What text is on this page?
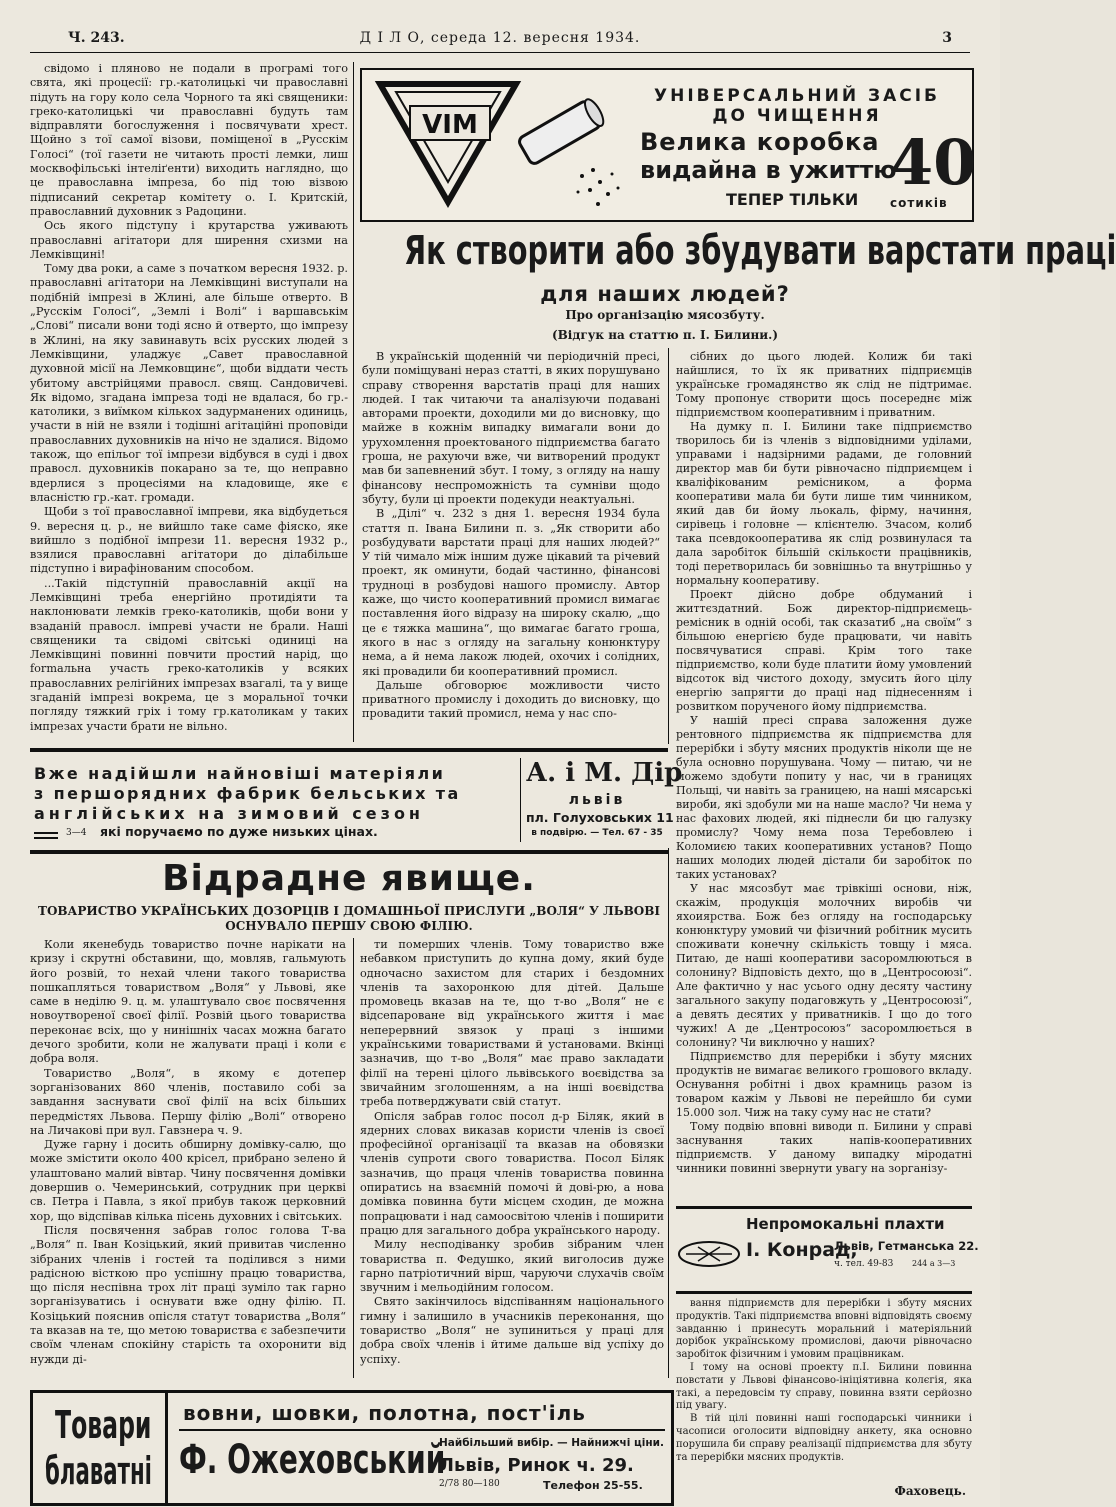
Ч. 243.	Д І Л О, середа 12. вересня 1934.	3

свідомо і пляново не подали в програмі того свята, які процесії: гр.-католицькі чи православні підуть на гору коло села Чорного та які священики: греко-католицькі чи православні будуть там відправляти богослуження і посвячувати хрест. Щойно з тої самої візови, поміщеної в „Русскім Голосі“ (тої газети не читають прості лемки, лиш москвофільські інтеліґенти) виходить наглядно, що це православна імпреза, бо під тою візвою підписаний секретар комітету о. І. Критскій, православний духовник з Радоцини.

Ось якого підступу і крутарства уживають православні агітатори для ширення схизми на Лемківщині!

Тому два роки, а саме з початком вересня 1932. р. православні агітатори на Лемківщині виступали на подібній імпрезі в Жлині, але більше отверто. В „Русскім Голосі“, „Землі і Волі“ і варшавськім „Слові“ писали вони тоді ясно й отверто, що імпрезу в Жлині, на яку завинавуть всіх русских людей з Лемківщини, уладжує „Савет православной духовной місії на Лемковщинє“, щоби віддати честь убитому австрійцями правосл. свящ. Сандовичеві. Як відомо, згадана імпреза тоді не вдалася, бо гр.-католики, з виїмком кількох задурманених одиниць, участи в ній не взяли і тодішні агітаційні проповіди православних духовників на нічо не здалися. Відомо також, що епільог тої імпрези відбувся в суді і двох правосл. духовників покарано за те, що неправно вдерлися з процесіями на кладовище, яке є власністю гр.-кат. громади.

Щоби з тої православної імпреви, яка відбудеться 9. вересня ц. р., не вийшло таке саме фіяско, яке вийшло з подібної імпрези 11. вересня 1932 р., взялися православні агітатори до ділабільше підступно і вирафінованим способом.

...Такій підступній православній акції на Лемківщині треба енергійно протидіяти та наклонювати лемків греко-католиків, щоби вони у взаданій правосл. імпреві участи не брали. Наші священики та свідомі світські одиниці на Лемківщині повинні повчити простий нарід, що formaльна участь греко-католиків у всяких православних релігійних імпрезах взагалі, та у вище згаданій імпрезі вокрема, це з моральної точки погляду тяжкий гріх і тому гр.католикам у таких імпрезах участи брати не вільно.

VIM
УНІВЕРСАЛЬНИЙ ЗАСІБ
ДО ЧИЩЕННЯ
Велика коробка
видайна в ужиттю
ТЕПЕР ТІЛЬКИ
40
сотиків
Як створити або збудувати варстати праці
для наших людей?
Про організацію мясозбуту.
(Відгук на статтю п. І. Билини.)

В українській щоденній чи періодичній пресі, були поміщувані нераз статті, в яких порушувано справу створення варстатів праці для наших людей. І так читаючи та аналізуючи подавані авторами проекти, доходили ми до висновку, що майже в кожнім випадку вимагали вони до урухомлення проектованого підприємства багато гроша, не рахуючи вже, чи витворений продукт мав би запевнений збут. І тому, з огляду на нашу фінансову неспроможність та сумніви щодо збуту, були ці проекти подекуди неактуальні.

В „Ділі“ ч. 232 з дня 1. вересня 1934 була стаття п. Івана Билини п. з. „Як створити або розбудувати варстати праці для наших людей?“ У тій чимало між іншим дуже цікавий та річевий проект, як оминути, бодай частинно, фінансові трудноці в розбудові нашого промислу. Автор каже, що чисто кооперативний промисл вимагає поставлення його відразу на широку скалю, „що це є тяжка машина“, що вимагає багато гроша, якого в нас з огляду на загальну конюнктуру нема, а й нема лакож людей, охочих і солідних, які провадили би кооперативний промисл.

Дальше обговорює можливости чисто приватного промислу і доходить до висновку, що провадити такий промисл, нема у нас спо-

сібних до цього людей. Колиж би такі найшлися, то їх як приватних підприємців українське громадянство як слід не підтримає. Тому пропонує створити щось посереднє між підприємством кооперативним і приватним.

На думку п. І. Билини таке підприємство творилось би із членів з відповідними уділами, управами і надзірними радами, де головний директор мав би бути рівночасно підприємцем і кваліфікованим ремісником, а форма кооперативи мала би бути лише тим чинником, який дав би йому льокаль, фірму, начиння, сирівець і головне — клієнтелю. Зчасом, колиб така псевдокооператива як слід розвинулася та дала заробіток більшій скількости працівників, тоді перетворилась би зовнішньо та внутрішньо у нормальну кооперативу.

Проект дійсно добре обдуманий і життєздатний. Бож директор-підприємець-ремісник в одній особі, так сказатиб „на своїм“ з більшою енергією буде працювати, чи навіть посвячуватися справі. Крім того таке підприємство, коли буде платити йому умовлений відсоток від чистого доходу, змусить його цілу енергію запрягти до праці над піднесенням і розвитком порученого йому підприємства.

У нашій пресі справа заложення дуже рентовного підприємства як підприємства для перерібки і збуту мясних продуктів ніколи ще не була основно порушувана. Чому — питаю, чи не можемо здобути попиту у нас, чи в границях Польщі, чи навіть за границею, на наші мясарські вироби, які здобули ми на наше масло? Чи нема у нас фахових людей, які піднесли би цю галузку промислу? Чому нема поза Теребовлею і Коломиєю таких кооперативних установ? Пощо наших молодих людей дістали би заробіток по таких установах?

У нас мясозбут має трівкіші основи, ніж, скажім, продукція молочних виробів чи яхоиярства. Бож без огляду на господарську конюнктуру умовий чи фізичний робітник мусить споживати конечну скількість товщу і мяса. Питаю, де наші кооперативи засоромлюються в солонину? Відповість дехто, що в „Центросоюзі“. Але фактично у нас усього одну десяту частину загального закупу подаговжуть у „Центросоюзі“, а девять десятих у приватників. І що до того чужих! А де „Центросоюз“ засоромлюється в солонину? Чи виключно у наших?

Підприємство для перерібки і збуту мясних продуктів не вимагає великого грошового вкладу. Оснування робітні і двох крамниць разом із товаром кажім у Львові не перейшло би суми 15.000 зол. Чиж на таку суму нас не стати?

Тому подвію вповні виводи п. Билини у справі заснування таких напів-кооперативних підприємств. У даному випадку міродатні чинники повинні звернути увагу на зорганізу-

Вже надійшли найновіші матеріяли
з першорядних фабрик бельських та
англійських на зимовий сезон
3—4 які поручаємо по дуже низьких цінах.
А. і М. Дір
львів
пл. Голуховських 11
в подвірю. — Тел. 67 - 35
Відрадне явище.
ТОВАРИСТВО УКРАЇНСЬКИХ ДОЗОРЦІВ І ДОМАШНЬОЇ ПРИСЛУГИ „ВОЛЯ“ У ЛЬВОВІ ОСНУВАЛО ПЕРШУ СВОЮ ФІЛІЮ.

Коли якенебудь товариство почне нарікати на кризу і скрутні обставини, що, мовляв, гальмують його розвій, то нехай члени такого товариства пошкапляться товариством „Воля“ у Львові, яке саме в неділю 9. ц. м. улаштувало своє посвячення новоутвореної своєї філії. Розвій цього товариства переконає всіх, що у нинішніх часах можна багато дечого зробити, коли не жалувати праці і коли є добра воля.

Товариство „Воля“, в якому є дотепер зорганізованих 860 членів, поставило собі за завдання заснувати свої філії на всіх більших передмістях Львова. Першу філію „Волі“ отворено на Личакові при вул. Гавзнера ч. 9.

Дуже гарну і досить обширну домівку-салю, що може змістити около 400 крісел, прибрано зелено й улаштовано малий вівтар. Чину посвячення домівки довершив о. Чемеринський, сотрудник при церкві св. Петра і Павла, з якої прибув також церковний хор, що відспівав кілька пісень духовних і світських.

Після посвячення забрав голос голова Т-ва „Воля“ п. Іван Козіцький, який привитав численно зібраних членів і гостей та поділився з ними радісною вісткою про успішну працю товариства, що після неспівна трох літ праці зуміло так гарно зорганізуватись і оснувати вже одну філію. П. Козіцький пояснив опісля статут товариства „Воля“ та вказав на те, що метою товариства є забезпечити своїм членам спокійну старість та охоронити від нужди ді-

ти померших членів. Тому товариство вже небавком приступить до купна дому, який буде одночасно захистом для старих і бездомних членів та захоронкою для дітей. Дальше промовець вказав на те, що т-во „Воля“ не є відсепароване від українського життя і має неперервний звязок у праці з іншими українськими товариствами й установами. Вкінці зазначив, що т-во „Воля“ має право закладати філії на терені цілого львівського воєвідства за звичайним зголошенням, а на інші воєвідства треба потверджувати свій статут.

Опісля забрав голос посол д-р Біляк, який в ядерних словах виказав користи членів із своєї професійної організації та вказав на обовязки членів супроти свого товариства. Посол Біляк зазначив, що праця членів товариства повинна опиратись на взаємній помочі й дові-рю, а нова домівка повинна бути місцем сходин, де можна попрацювати і над самоосвітою членів і поширити працю для загального добра українського народу.

Милу несподіванку зробив зібраним член товариства п. Федушко, який виголосив дуже гарно патріотичний вірш, чаруючи слухачів своїм звучним і мельодійним голосом.

Свято закінчилось відспіванням національного гимну і залишило в учасників переконання, що товариство „Воля“ не зупиниться у праці для добра своїх членів і йтиме дальше від успіху до успіху.

Непромокальні плахти
І. Конрад,
Львів, Гетманська 22.
ч. тел. 49-83 244 a 3—3

вання підприємств для перерібки і збуту мясних продуктів. Такі підприємства вповні відповідять своєму завданню і принесуть моральний і матеріяльний дорібок українському промислові, даючи рівночасно заробіток фізичним і умовим працівникам.

І тому на основі проекту п.І. Билини повинна повстати у Львові фінансово-ініціятивна колєгія, яка такі, а передовсім ту справу, повинна взяти серйозно під увагу.

В тій цілі повинні наші господарські чинники і часописи оголосити відповідну анкету, яка основно порушила би справу реалізації підприємства для збуту та перерібки мясних продуктів.

Фаховець.
Товари
блаватні
вовни, шовки, полотна, пост'іль
Ф. Ожеховський
Найбільший вибір. — Найнижчі ціни.
Львів, Ринок ч. 29.
2/78 80—180	Телефон 25-55.
